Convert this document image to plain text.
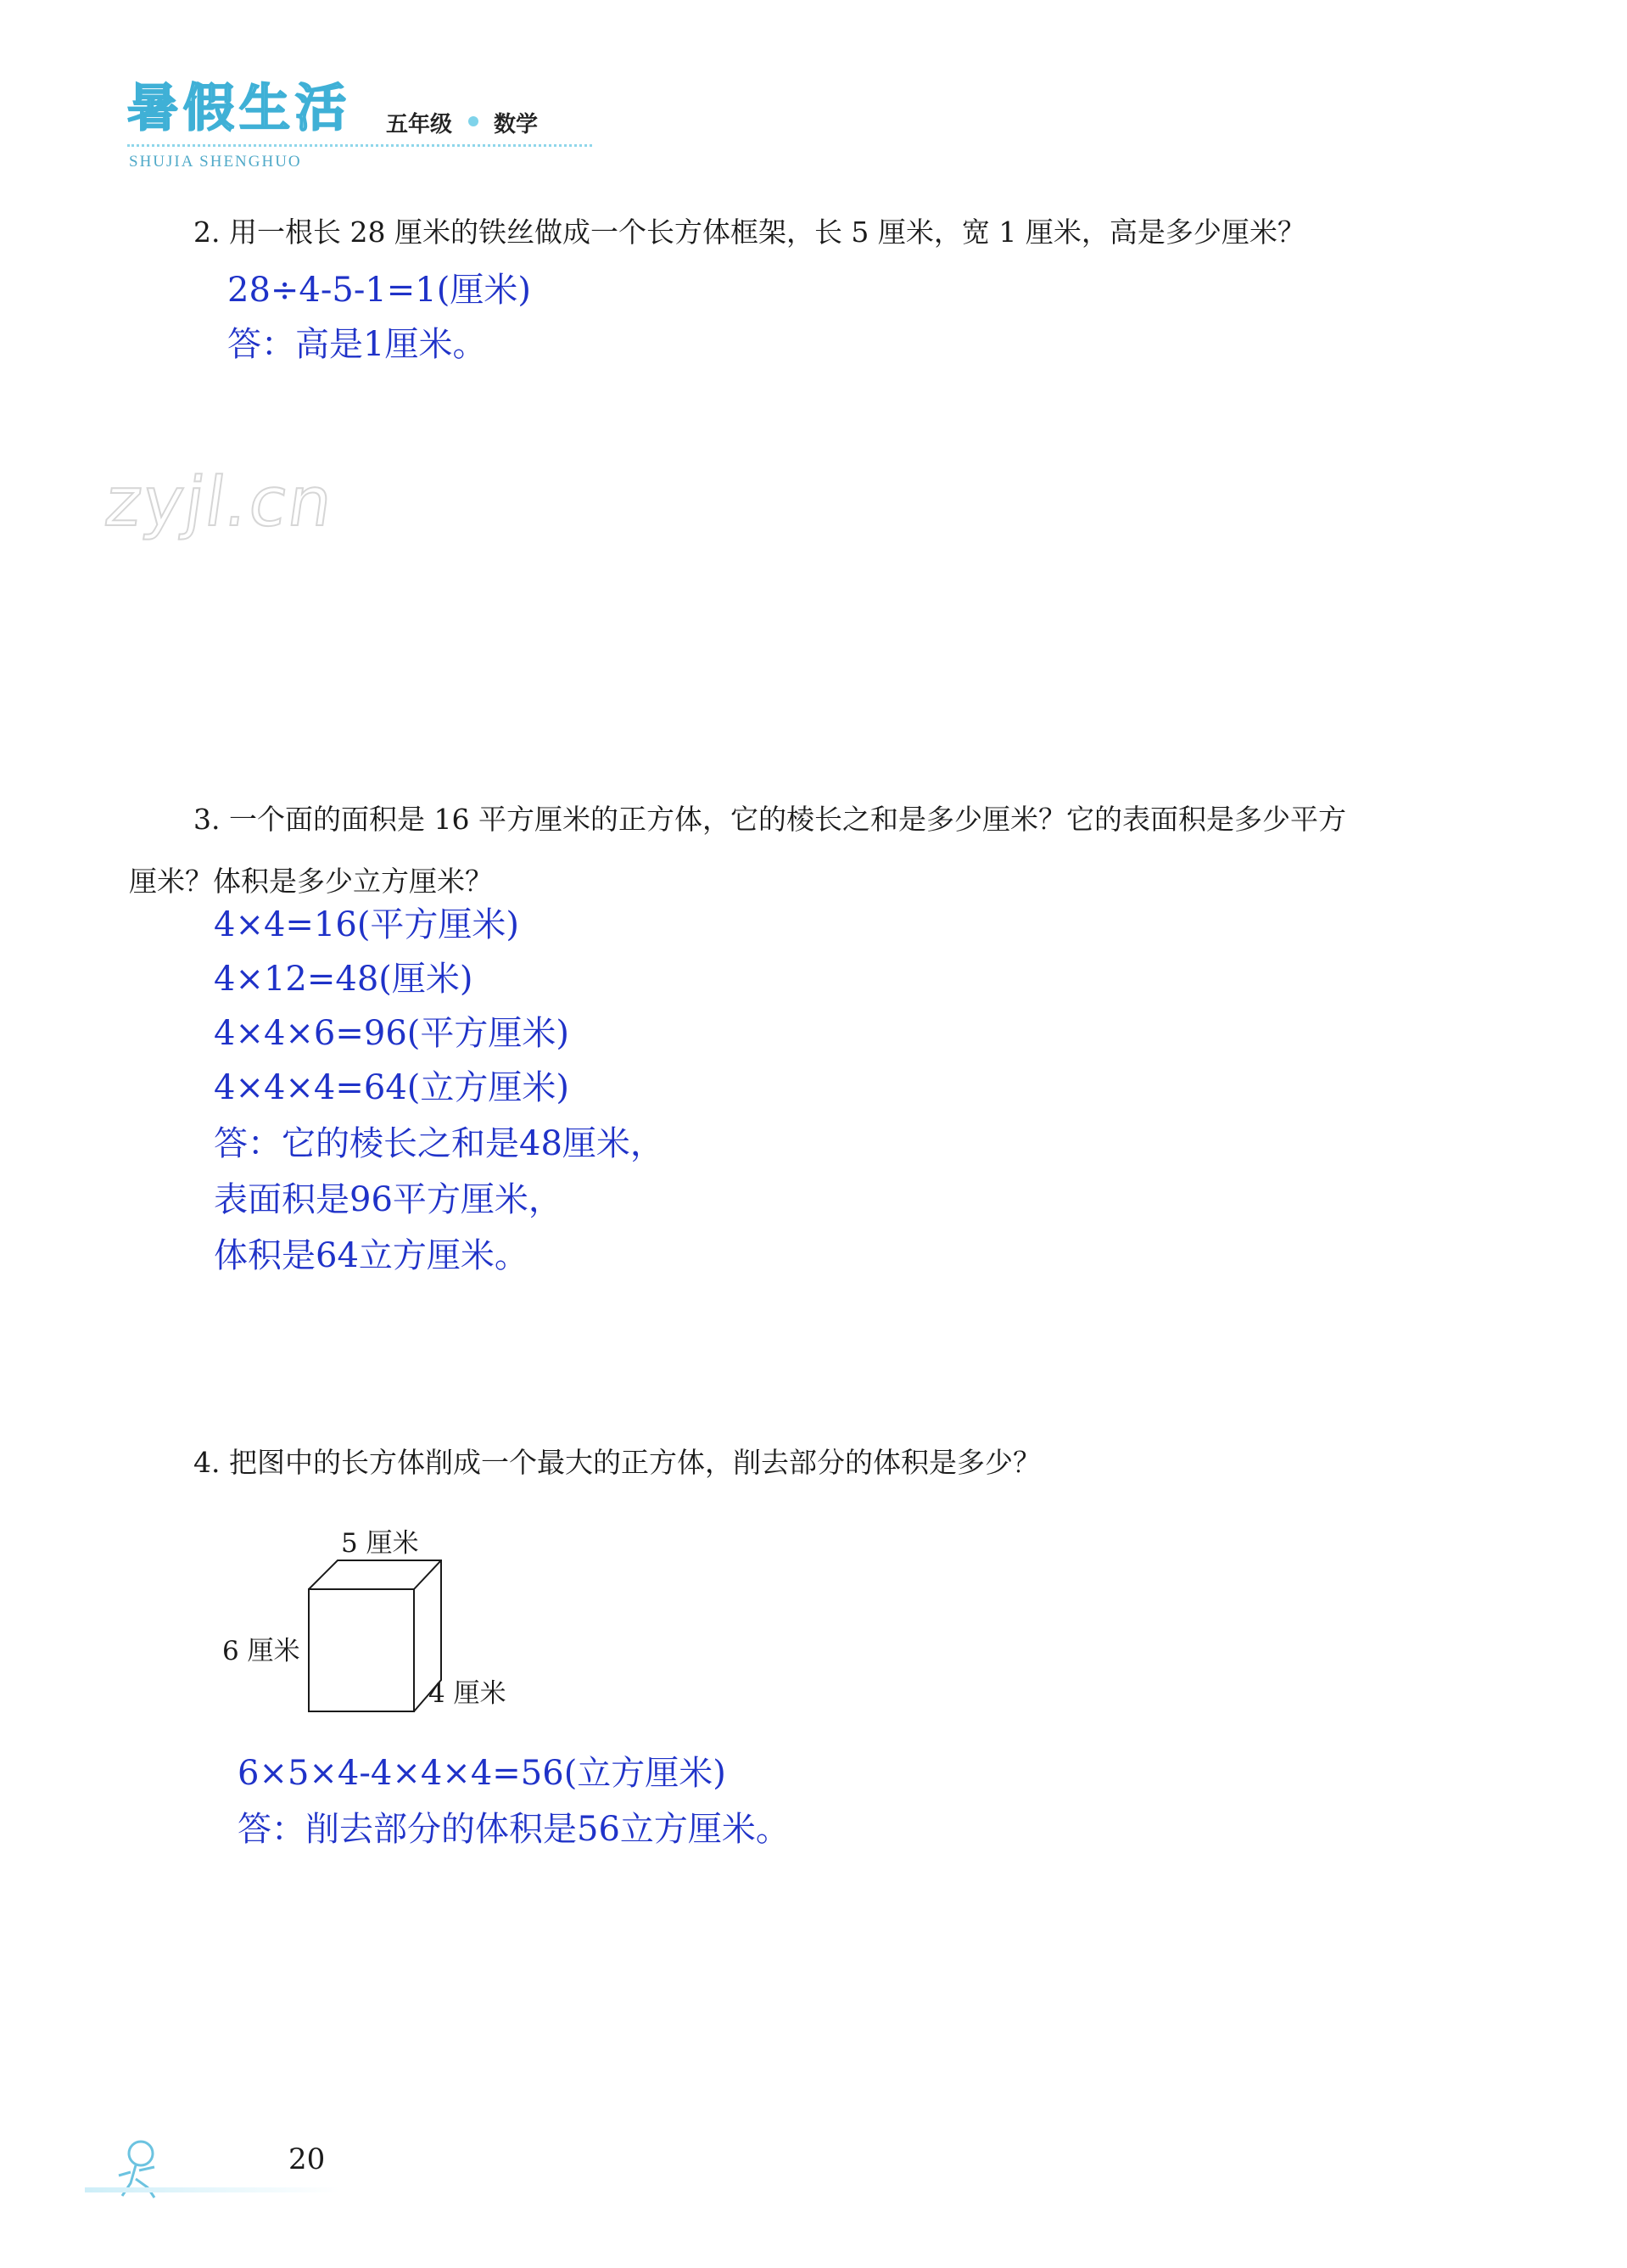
暑假生活
SHUJIA SHENGHUO
五年级 数学
2. 用一根长 28 厘米的铁丝做成一个长方体框架，长 5 厘米，宽 1 厘米，高是多少厘米？
28÷4-5-1=1(厘米)
答：高是1厘米。
zyjl.cn
3. 一个面的面积是 16 平方厘米的正方体，它的棱长之和是多少厘米？它的表面积是多少平方
厘米？体积是多少立方厘米？
4×4=16(平方厘米)
4×12=48(厘米)
4×4×6=96(平方厘米)
4×4×4=64(立方厘米)
答：它的棱长之和是48厘米，
表面积是96平方厘米，
体积是64立方厘米。
4. 把图中的长方体削成一个最大的正方体，削去部分的体积是多少？
5 厘米
6 厘米
4 厘米
6×5×4-4×4×4=56(立方厘米)
答：削去部分的体积是56立方厘米。
20
